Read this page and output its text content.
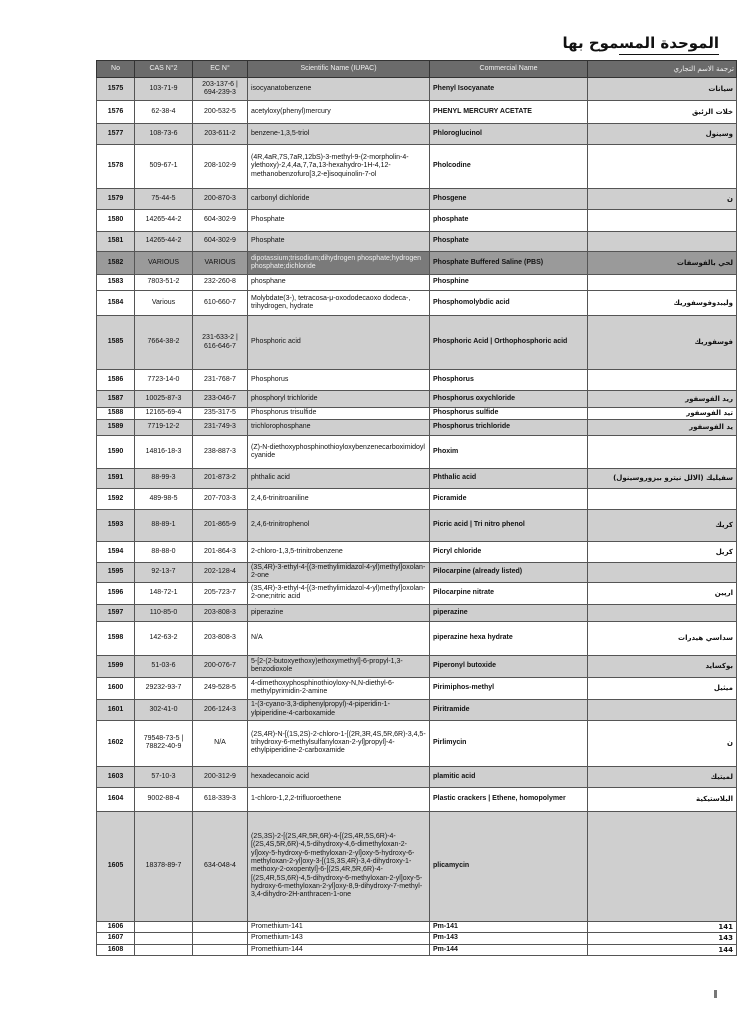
الموحدة المسموح بها
No	CAS N°2	EC N°	Scientific Name (IUPAC)	Commercial Name	ترجمة الاسم التجاري
1575	103-71-9	203-137-6 | 694-239-3	isocyanatobenzene	Phenyl Isocyanate	سيانات
1576	62-38-4	200-532-5	acetyloxy(phenyl)mercury	PHENYL MERCURY ACETATE	خلات الزئبق
1577	108-73-6	203-611-2	benzene-1,3,5-triol	Phloroglucinol	وسينول
1578	509-67-1	208-102-9	(4R,4aR,7S,7aR,12bS)-3-methyl-9-(2-morpholin-4-ylethoxy)-2,4,4a,7,7a,13-hexahydro-1H-4,12-methanobenzofuro[3,2-e]isoquinolin-7-ol	Pholcodine	
1579	75-44-5	200-870-3	carbonyl dichloride	Phosgene	ن
1580	14265-44-2	604-302-9	Phosphate	phosphate	
1581	14265-44-2	604-302-9	Phosphate	Phosphate	
1582	VARIOUS	VARIOUS	dipotassium;trisodium;dihydrogen phosphate;hydrogen phosphate;dichloride	Phosphate Buffered Saline (PBS)	لحي بالفوسفات
1583	7803-51-2	232-260-8	phosphane	Phosphine	
1584	Various	610-660-7	Molybdate(3-), tetracosa-μ-oxododecaoxo dodeca-, trihydrogen, hydrate	Phosphomolybdic acid	وليبدوفوسفوريك
1585	7664-38-2	231-633-2 | 616-646-7	Phosphoric acid	Phosphoric Acid | Orthophosphoric acid	فوسفوريك
1586	7723-14-0	231-768-7	Phosphorus	Phosphorus	
1587	10025-87-3	233-046-7	phosphoryl trichloride	Phosphorus oxychloride	ريد الفوسفور
1588	12165-69-4	235-317-5	Phosphorus trisulfide	Phosphorus sulfide	تيد الفوسفور
1589	7719-12-2	231-749-3	trichlorophosphane	Phosphorus trichloride	يد الفوسفور
1590	14816-18-3	238-887-3	(Z)-N-diethoxyphosphinothioyloxybenzenecarboximidoyl cyanide	Phoxim	
1591	88-99-3	201-873-2	phthalic acid	Phthalic acid	سفيليك (الالل نيترو بيزوروسينول)
1592	489-98-5	207-703-3	2,4,6-trinitroaniline	Picramide	
1593	88-89-1	201-865-9	2,4,6-trinitrophenol	Picric acid | Tri nitro phenol	كريك
1594	88-88-0	201-864-3	2-chloro-1,3,5-trinitrobenzene	Picryl chloride	كريل
1595	92-13-7	202-128-4	(3S,4R)-3-ethyl-4-[(3-methylimidazol-4-yl)methyl]oxolan-2-one	Pilocarpine (already listed)	
1596	148-72-1	205-723-7	(3S,4R)-3-ethyl-4-[(3-methylimidazol-4-yl)methyl]oxolan-2-one;nitric acid	Pilocarpine nitrate	ارپين
1597	110-85-0	203-808-3	piperazine	piperazine	
1598	142-63-2	203-808-3	N/A	piperazine hexa hydrate	سداسي هيدرات
1599	51-03-6	200-076-7	5-[2-(2-butoxyethoxy)ethoxymethyl]-6-propyl-1,3-benzodioxole	Piperonyl butoxide	بوكسايد
1600	29232-93-7	249-528-5	4-dimethoxyphosphinothioyloxy-N,N-diethyl-6-methylpyrimidin-2-amine	Pirimiphos-methyl	ميثيل
1601	302-41-0	206-124-3	1-(3-cyano-3,3-diphenylpropyl)-4-piperidin-1-ylpiperidine-4-carboxamide	Piritramide	
1602	79548-73-5 | 78822-40-9	N/A	(2S,4R)-N-[(1S,2S)-2-chloro-1-[(2R,3R,4S,5R,6R)-3,4,5-trihydroxy-6-methylsulfanyloxan-2-yl]propyl]-4-ethylpiperidine-2-carboxamide	Pirlimycin	ن
1603	57-10-3	200-312-9	hexadecanoic acid	plamitic acid	لميتيك
1604	9002-88-4	618-339-3	1-chloro-1,2,2-trifluoroethene	Plastic crackers | Ethene, homopolymer	البلاستيكية
1605	18378-89-7	634-048-4	(2S,3S)-2-[(2S,4R,5R,6R)-4-[(2S,4R,5S,6R)-4-[(2S,4S,5R,6R)-4,5-dihydroxy-4,6-dimethyloxan-2-yl]oxy-5-hydroxy-6-methyloxan-2-yl]oxy-5-hydroxy-6-methyloxan-2-yl]oxy-3-[(1S,3S,4R)-3,4-dihydroxy-1-methoxy-2-oxopentyl]-6-[(2S,4R,5R,6R)-4-[(2S,4R,5S,6R)-4,5-dihydroxy-6-methyloxan-2-yl]oxy-5-hydroxy-6-methyloxan-2-yl]oxy-8,9-dihydroxy-7-methyl-3,4-dihydro-2H-anthracen-1-one	plicamycin	
1606			Promethium-141	Pm-141	141
1607			Promethium-143	Pm-143	143
1608			Promethium-144	Pm-144	144
